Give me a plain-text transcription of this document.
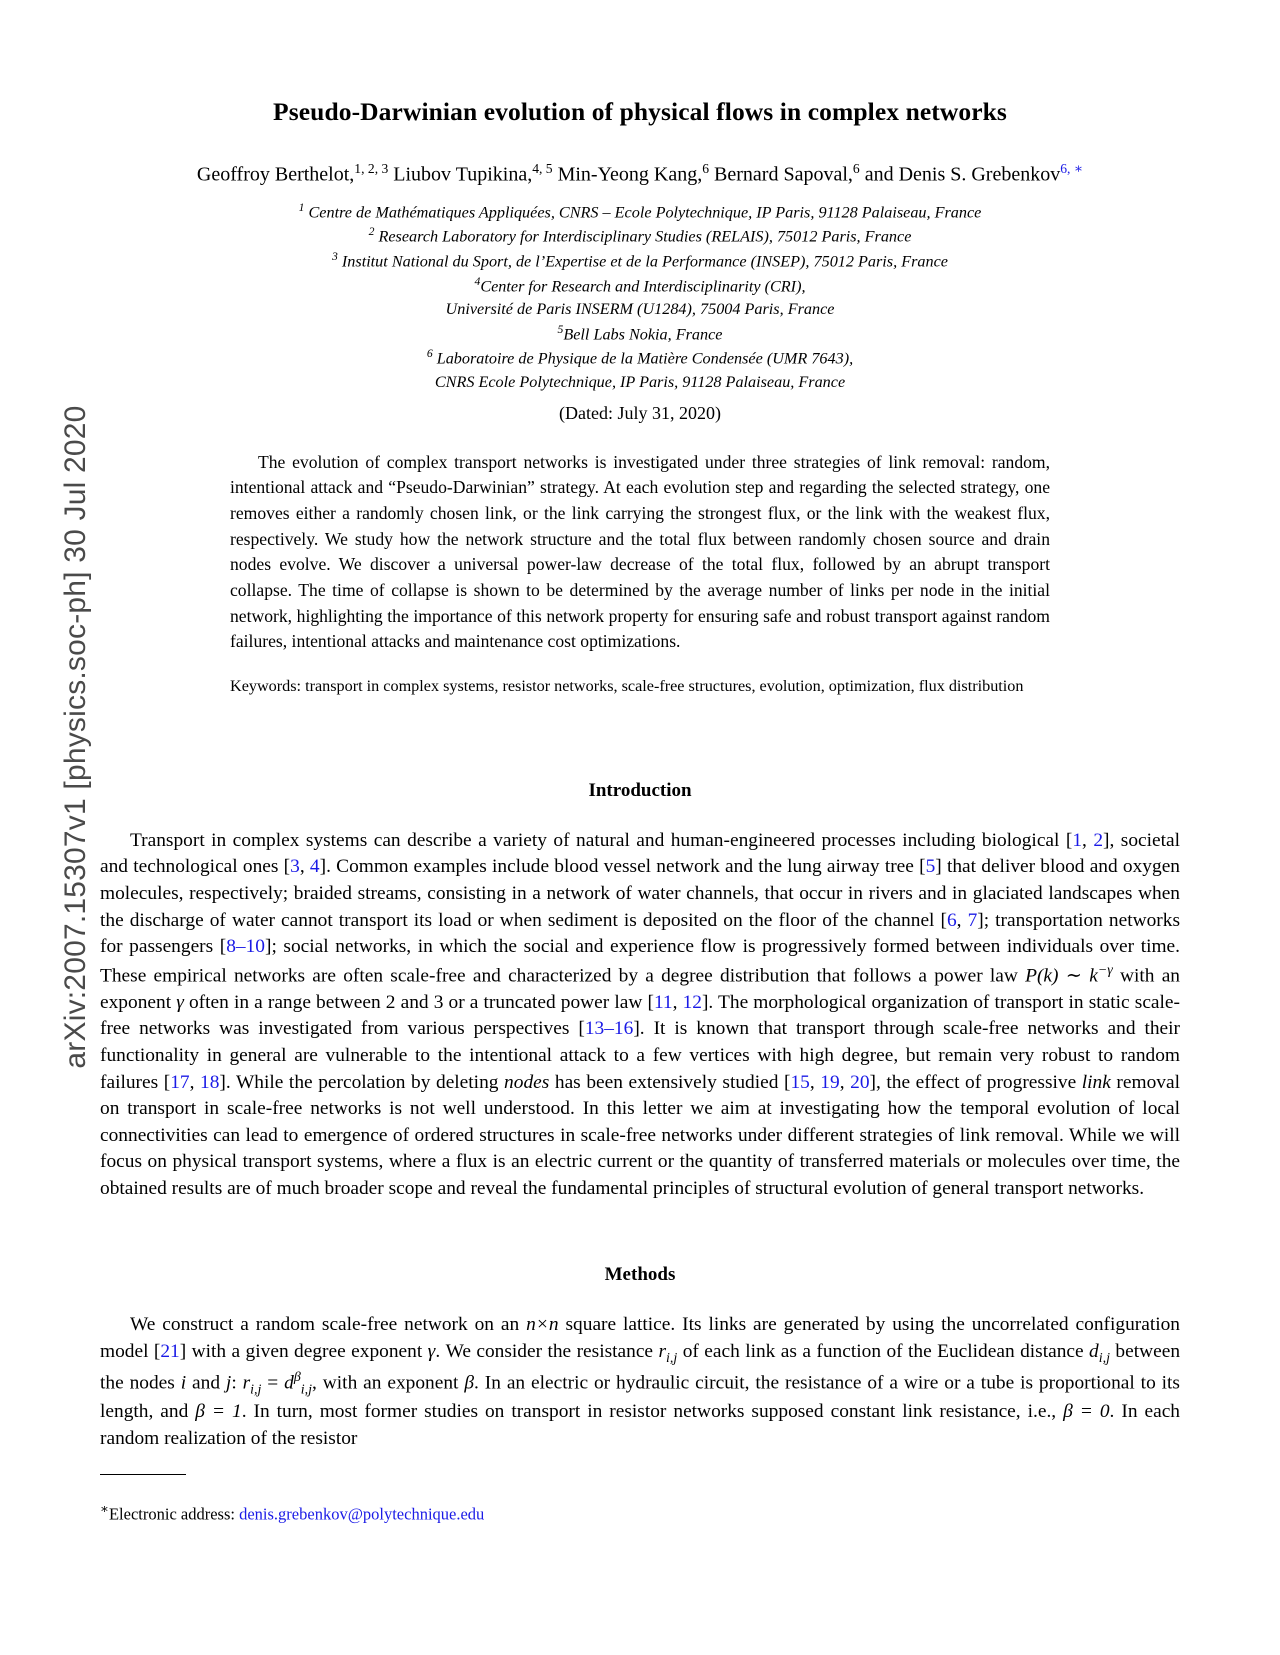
arXiv:2007.15307v1 [physics.soc-ph] 30 Jul 2020
Pseudo-Darwinian evolution of physical flows in complex networks
Geoffroy Berthelot,$^{1, 2, 3}$ Liubov Tupikina,$^{4, 5}$ Min-Yeong Kang,$^6$ Bernard Sapoval,$^6$ and Denis S. Grebenkov$^{6, ∗}$
$^1$ Centre de Mathématiques Appliquées, CNRS – Ecole Polytechnique, IP Paris, 91128 Palaiseau, France
$^2$ Research Laboratory for Interdisciplinary Studies (RELAIS), 75012 Paris, France
$^3$ Institut National du Sport, de l’Expertise et de la Performance (INSEP), 75012 Paris, France
$^4$Center for Research and Interdisciplinarity (CRI),
Université de Paris INSERM (U1284), 75004 Paris, France
$^5$Bell Labs Nokia, France
$^6$ Laboratoire de Physique de la Matière Condensée (UMR 7643),
CNRS Ecole Polytechnique, IP Paris, 91128 Palaiseau, France
(Dated: July 31, 2020)

The evolution of complex transport networks is investigated under three strategies of link removal: random, intentional attack and “Pseudo-Darwinian” strategy. At each evolution step and regarding the selected strategy, one removes either a randomly chosen link, or the link carrying the strongest flux, or the link with the weakest flux, respectively. We study how the network structure and the total flux between randomly chosen source and drain nodes evolve. We discover a universal power-law decrease of the total flux, followed by an abrupt transport collapse. The time of collapse is shown to be determined by the average number of links per node in the initial network, highlighting the importance of this network property for ensuring safe and robust transport against random failures, intentional attacks and maintenance cost optimizations.

Keywords: transport in complex systems, resistor networks, scale-free structures, evolution, optimization, flux distribution

Introduction

Transport in complex systems can describe a variety of natural and human-engineered processes including biological [1, 2], societal and technological ones [3, 4]. Common examples include blood vessel network and the lung airway tree [5] that deliver blood and oxygen molecules, respectively; braided streams, consisting in a network of water channels, that occur in rivers and in glaciated landscapes when the discharge of water cannot transport its load or when sediment is deposited on the floor of the channel [6, 7]; transportation networks for passengers [8–10]; social networks, in which the social and experience flow is progressively formed between individuals over time. These empirical networks are often scale-free and characterized by a degree distribution that follows a power law P(k) ∼ $k^{-\gamma}$ with an exponent γ often in a range between 2 and 3 or a truncated power law [11, 12]. The morphological organization of transport in static scale-free networks was investigated from various perspectives [13–16]. It is known that transport through scale-free networks and their functionality in general are vulnerable to the intentional attack to a few vertices with high degree, but remain very robust to random failures [17, 18]. While the percolation by deleting nodes has been extensively studied [15, 19, 20], the effect of progressive link removal on transport in scale-free networks is not well understood. In this letter we aim at investigating how the temporal evolution of local connectivities can lead to emergence of ordered structures in scale-free networks under different strategies of link removal. While we will focus on physical transport systems, where a flux is an electric current or the quantity of transferred materials or molecules over time, the obtained results are of much broader scope and reveal the fundamental principles of structural evolution of general transport networks.

Methods

We construct a random scale-free network on an n×n square lattice. Its links are generated by using the uncorrelated configuration model [21] with a given degree exponent γ. We consider the resistance $r_{i,j}$ of each link as a function of the Euclidean distance $d_{i,j}$ between the nodes i and j: $r_{i,j} = d^\beta_{i,j}$, with an exponent β. In an electric or hydraulic circuit, the resistance of a wire or a tube is proportional to its length, and β = 1. In turn, most former studies on transport in resistor networks supposed constant link resistance, i.e., β = 0. In each random realization of the resistor

∗Electronic address: denis.grebenkov@polytechnique.edu
